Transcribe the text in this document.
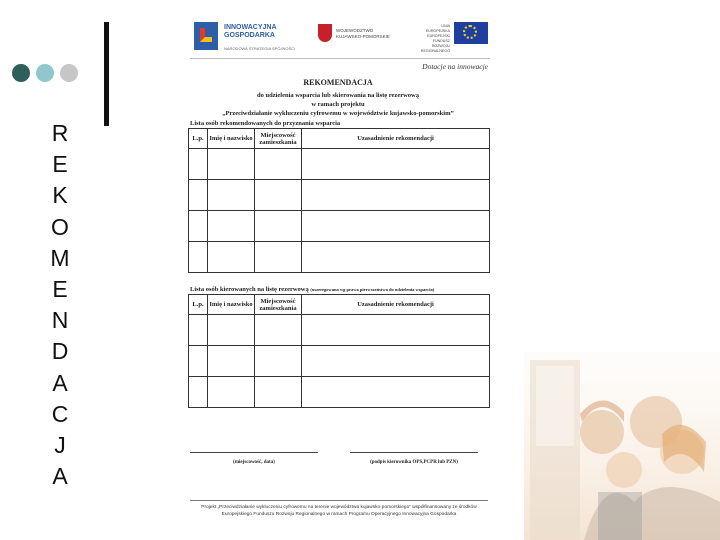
R
E
K
O
M
E
N
D
A
C
J
A
INNOWACYJNA
GOSPODARKA
NARODOWA STRATEGIA SPÓJNOŚCI
WOJEWÓDZTWO KUJAWSKO-POMORSKIE
UNIA EUROPEJSKA EUROPEJSKI FUNDUSZ ROZWOJU REGIONALNEGO
Dotacje na innowacje
REKOMENDACJA
do udzielenia wsparcia lub skierowania na listę rezerwową
w ramach projektu
„Przeciwdziałanie wykluczeniu cyfrowemu w województwie kujawsko-pomorskim”
Lista osób rekomendowanych do przyznania wsparcia
L.p.	Imię i nazwisko	Miejscowość zamieszkania	Uzasadnienie rekomendacji

Lista osób kierowanych na listę rezerwową (uszeregowana wg prawa pierwszeństwa do udzielenia wsparcia)
L.p.	Imię i nazwisko	Miejscowość zamieszkania	Uzasadnienie rekomendacji

(miejscowość, data)	(podpis kierownika OPS,PCPR lub PZN)
Projekt „Przeciwdziałanie wykluczeniu cyfrowemu na terenie województwa kujawsko-pomorskiego” współfinansowany ze środków Europejskiego Funduszu Rozwoju Regionalnego w ramach Programu Operacyjnego Innowacyjna Gospodarka
